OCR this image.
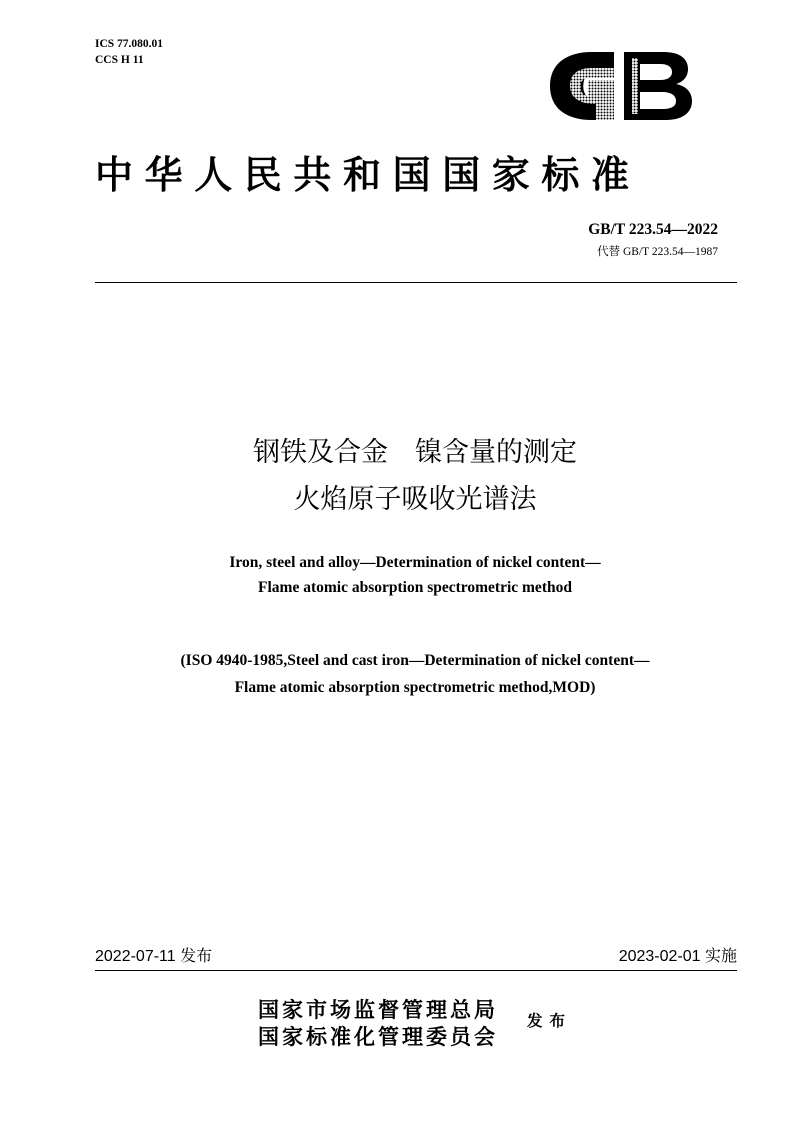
ICS 77.080.01
CCS H 11
中华人民共和国国家标准
GB/T 223.54—2022
代替 GB/T 223.54—1987
钢铁及合金　镍含量的测定
火焰原子吸收光谱法
Iron, steel and alloy—Determination of nickel content—
Flame atomic absorption spectrometric method
(ISO 4940-1985,Steel and cast iron—Determination of nickel content—
Flame atomic absorption spectrometric method,MOD)
2022-07-11 发布	2023-02-01 实施
国家市场监督管理总局
国家标准化管理委员会
发布
